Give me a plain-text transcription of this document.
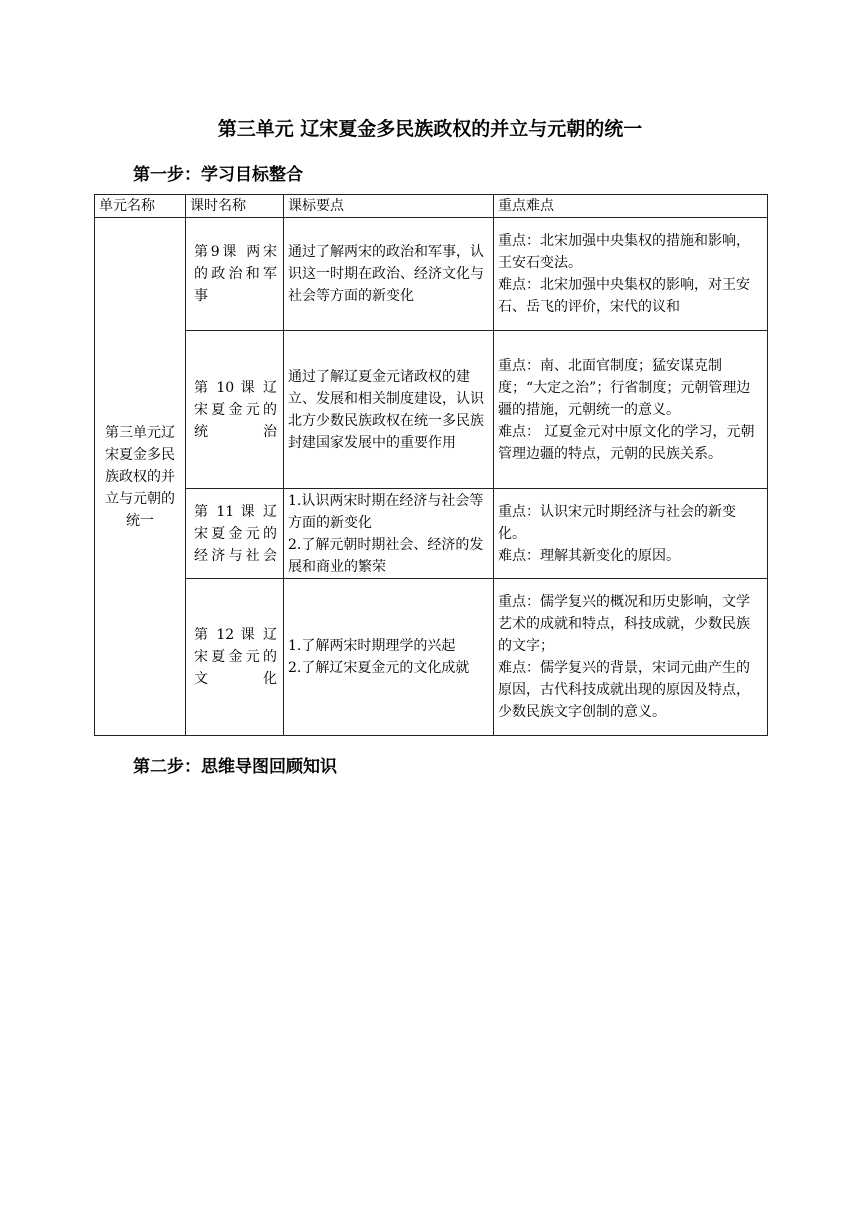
第三单元 辽宋夏金多民族政权的并立与元朝的统一
第一步：学习目标整合
单元名称	课时名称	课标要点	重点难点
第三单元辽宋夏金多民族政权的并立与元朝的统一	第9课 两宋的政治和军事	通过了解两宋的政治和军事，认识这一时期在政治、经济文化与社会等方面的新变化	重点：北宋加强中央集权的措施和影响，王安石变法。
难点：北宋加强中央集权的影响，对王安石、岳飞的评价，宋代的议和

	第 10 课 辽宋夏金元的统治	通过了解辽夏金元诸政权的建立、发展和相关制度建设，认识北方少数民族政权在统一多民族封建国家发展中的重要作用	重点：南、北面官制度；猛安谋克制度；“大定之治”；行省制度；元朝管理边疆的措施，元朝统一的意义。
难点： 辽夏金元对中原文化的学习，元朝管理边疆的特点，元朝的民族关系。

	第 11 课 辽宋夏金元的经济与社会	1.认识两宋时期在经济与社会等方面的新变化
2.了解元朝时期社会、经济的发展和商业的繁荣	重点：认识宋元时期经济与社会的新变化。
难点：理解其新变化的原因。

	第 12 课 辽宋夏金元的文化	1.了解两宋时期理学的兴起
2.了解辽宋夏金元的文化成就	重点：儒学复兴的概况和历史影响，文学艺术的成就和特点，科技成就，少数民族的文字；
难点：儒学复兴的背景，宋词元曲产生的原因，古代科技成就出现的原因及特点，少数民族文字创制的意义。
第二步：思维导图回顾知识
